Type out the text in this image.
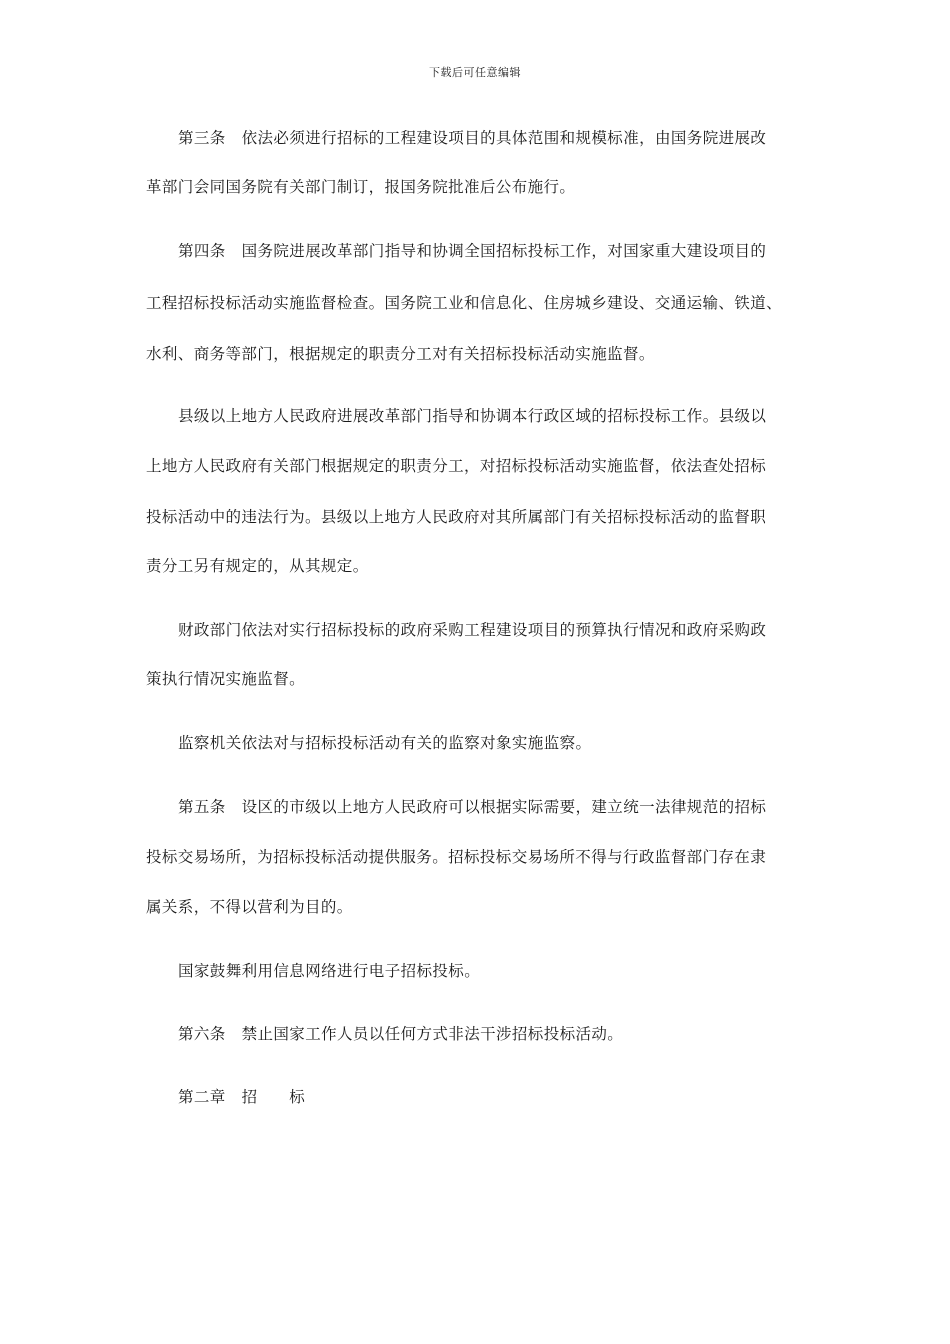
下载后可任意编辑
第三条　依法必须进行招标的工程建设项目的具体范围和规模标准，由国务院进展改
革部门会同国务院有关部门制订，报国务院批准后公布施行。
第四条　国务院进展改革部门指导和协调全国招标投标工作，对国家重大建设项目的
工程招标投标活动实施监督检查。国务院工业和信息化、住房城乡建设、交通运输、铁道、
水利、商务等部门，根据规定的职责分工对有关招标投标活动实施监督。
县级以上地方人民政府进展改革部门指导和协调本行政区域的招标投标工作。县级以
上地方人民政府有关部门根据规定的职责分工，对招标投标活动实施监督，依法查处招标
投标活动中的违法行为。县级以上地方人民政府对其所属部门有关招标投标活动的监督职
责分工另有规定的，从其规定。
财政部门依法对实行招标投标的政府采购工程建设项目的预算执行情况和政府采购政
策执行情况实施监督。
监察机关依法对与招标投标活动有关的监察对象实施监察。
第五条　设区的市级以上地方人民政府可以根据实际需要，建立统一法律规范的招标
投标交易场所，为招标投标活动提供服务。招标投标交易场所不得与行政监督部门存在隶
属关系，不得以营利为目的。
国家鼓舞利用信息网络进行电子招标投标。
第六条　禁止国家工作人员以任何方式非法干涉招标投标活动。
第二章　招　　标
